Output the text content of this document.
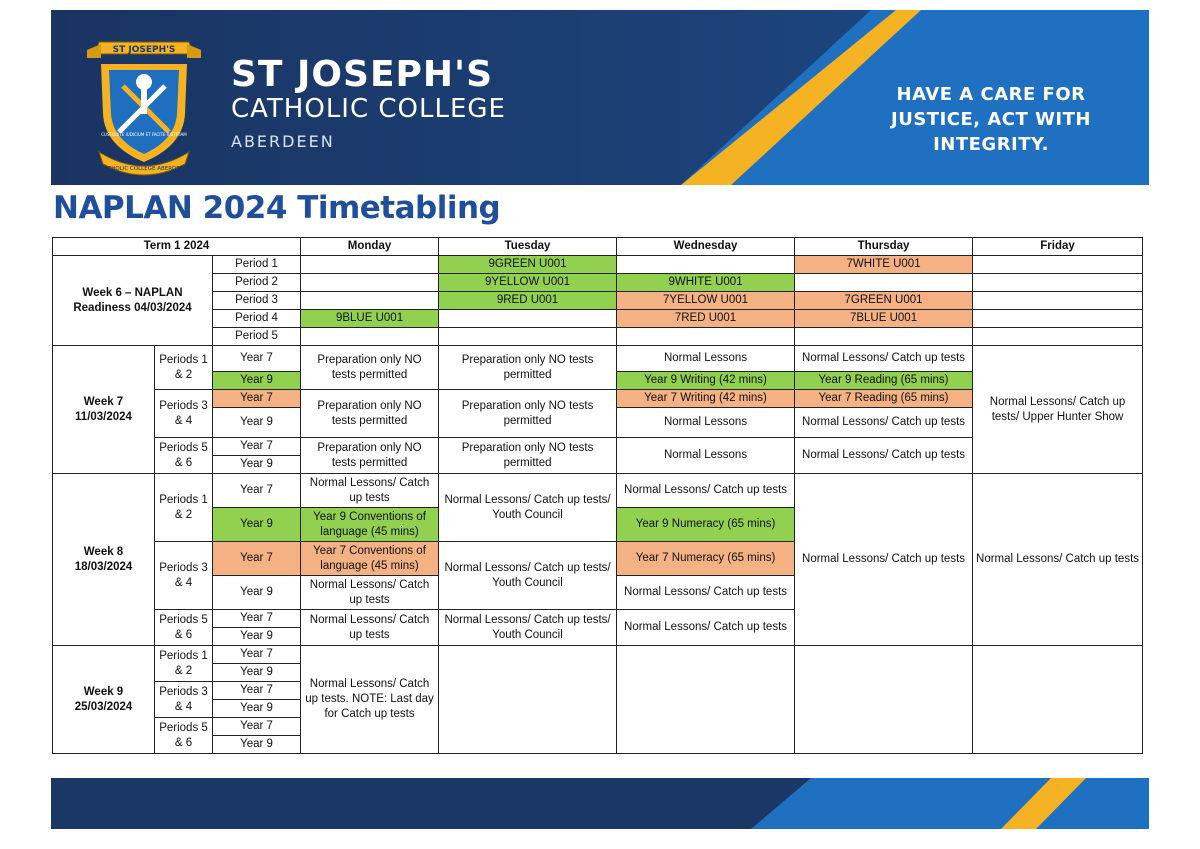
ST JOSEPH'S
CUSTODITE IUDICIUM ET FACITE IUSTITIAM
CATHOLIC COLLEGE ABERDEEN
ST JOSEPH'S
CATHOLIC COLLEGE
ABERDEEN
HAVE A CARE FOR
JUSTICE, ACT WITH
INTEGRITY.
NAPLAN 2024 Timetabling
Term 1 2024			Monday	Tuesday	Wednesday	Thursday	Friday
Week 6 – NAPLAN Readiness 04/03/2024		Period 1		9GREEN U001		7WHITE U001	
		Period 2		9YELLOW U001	9WHITE U001		
		Period 3		9RED U001	7YELLOW U001	7GREEN U001	
		Period 4	9BLUE U001		7RED U001	7BLUE U001	
		Period 5					
Week 7 11/03/2024	Periods 1 & 2	Year 7	Preparation only NO tests permitted	Preparation only NO tests permitted	Normal Lessons	Normal Lessons/ Catch up tests	Normal Lessons/ Catch up tests/ Upper Hunter Show
		Year 9			Year 9 Writing (42 mins)	Year 9 Reading (65 mins)	
	Periods 3 & 4	Year 7	Preparation only NO tests permitted	Preparation only NO tests permitted	Year 7 Writing (42 mins)	Year 7 Reading (65 mins)	
		Year 9			Normal Lessons	Normal Lessons/ Catch up tests	
	Periods 5 & 6	Year 7	Preparation only NO tests permitted	Preparation only NO tests permitted	Normal Lessons	Normal Lessons/ Catch up tests	
		Year 9					
Week 8 18/03/2024	Periods 1 & 2	Year 7	Normal Lessons/ Catch up tests	Normal Lessons/ Catch up tests/ Youth Council	Normal Lessons/ Catch up tests	Normal Lessons/ Catch up tests	Normal Lessons/ Catch up tests
		Year 9	Year 9 Conventions of language (45 mins)		Year 9 Numeracy (65 mins)		
	Periods 3 & 4	Year 7	Year 7 Conventions of language (45 mins)	Normal Lessons/ Catch up tests/ Youth Council	Year 7 Numeracy (65 mins)		
		Year 9	Normal Lessons/ Catch up tests		Normal Lessons/ Catch up tests		
	Periods 5 & 6	Year 7	Normal Lessons/ Catch up tests	Normal Lessons/ Catch up tests/ Youth Council	Normal Lessons/ Catch up tests		
		Year 9					
Week 9 25/03/2024	Periods 1 & 2	Year 7	Normal Lessons/ Catch up tests. NOTE: Last day for Catch up tests				
		Year 9					
	Periods 3 & 4	Year 7					
		Year 9					
	Periods 5 & 6	Year 7					
		Year 9					
